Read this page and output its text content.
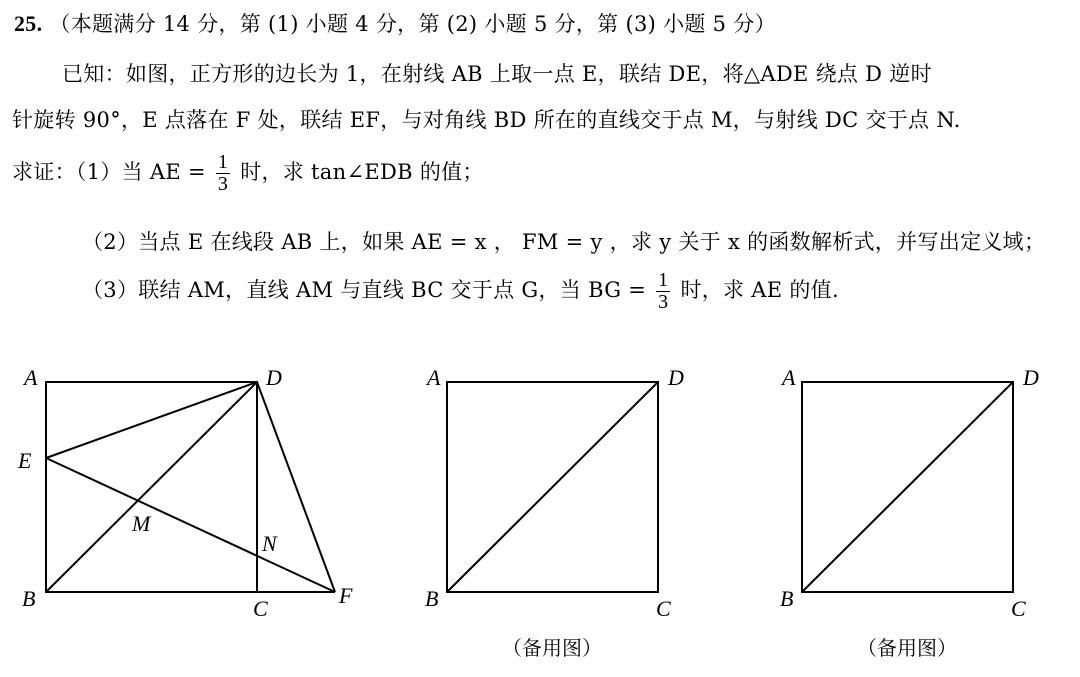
25. （本题满分 14 分，第 (1) 小题 4 分，第 (2) 小题 5 分，第 (3) 小题 5 分）
已知：如图，正方形的边长为 1，在射线 AB 上取一点 E，联结 DE，将△ADE 绕点 D 逆时
针旋转 90°，E 点落在 F 处，联结 EF，与对角线 BD 所在的直线交于点 M，与射线 DC 交于点 N.
求证：（1）当 AE = $\frac{1}{3}$ 时，求 tan∠EDB 的值；
（2）当点 E 在线段 AB 上，如果 AE = x ， FM = y ，求 y 关于 x 的函数解析式，并写出定义域；
（3）联结 AM，直线 AM 与直线 BC 交于点 G，当 BG = $\frac{1}{3}$ 时，求 AE 的值.
A	D
E
M
N
B	C
F
A	D
B	C
A	D
B	C
（备用图）	（备用图）
